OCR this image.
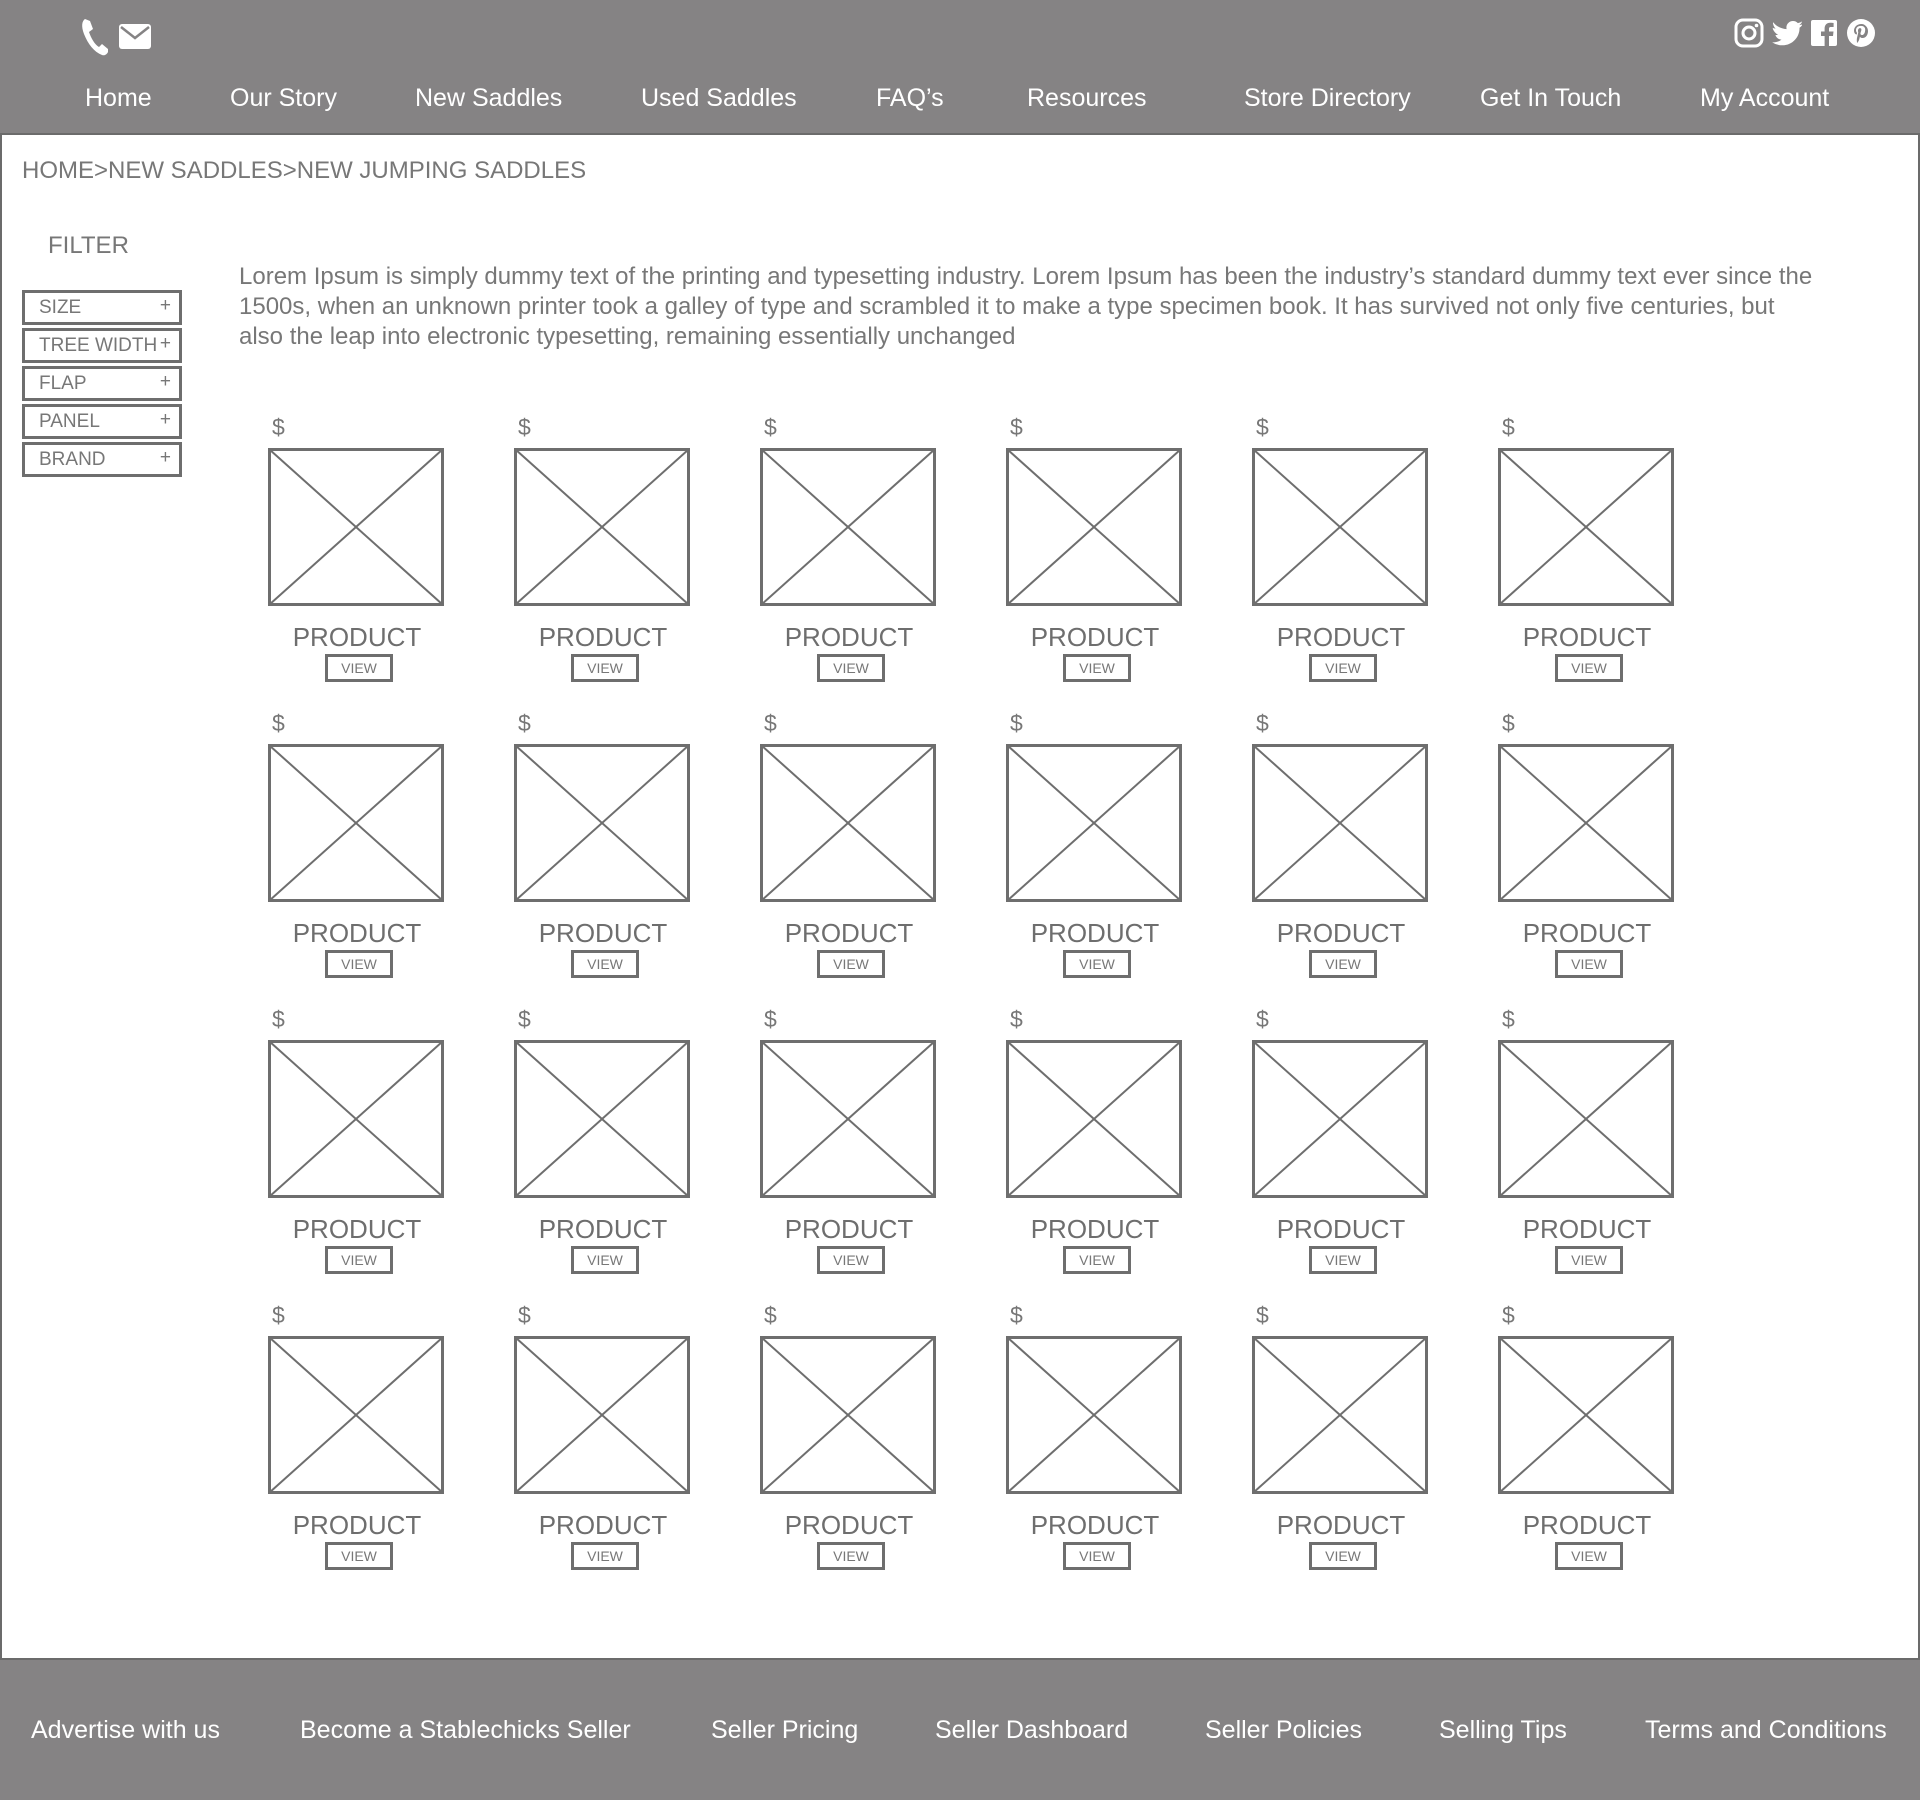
Home	Our Story	New Saddles	Used Saddles	FAQ’s	Resources	Store Directory	Get In Touch	My Account
HOME>NEW SADDLES>NEW JUMPING SADDLES
FILTER
SIZE	+
TREE WIDTH +
FLAP	+
PANEL	+
BRAND	+

Lorem Ipsum is simply dummy text of the printing and typesetting industry. Lorem Ipsum has been the industry’s standard dummy text ever since the 1500s, when an unknown printer took a galley of type and scrambled it to make a type specimen book. It has survived not only five centuries, but also the leap into electronic typesetting, remaining essentially unchanged

$
PRODUCT
VIEW
$
PRODUCT
VIEW
$
PRODUCT
VIEW
$
PRODUCT
VIEW
$
PRODUCT
VIEW
$
PRODUCT
VIEW
$
PRODUCT
VIEW
$
PRODUCT
VIEW
$
PRODUCT
VIEW
$
PRODUCT
VIEW
$
PRODUCT
VIEW
$
PRODUCT
VIEW
$
PRODUCT
VIEW
$
PRODUCT
VIEW
$
PRODUCT
VIEW
$
PRODUCT
VIEW
$
PRODUCT
VIEW
$
PRODUCT
VIEW
$
PRODUCT
VIEW
$
PRODUCT
VIEW
$
PRODUCT
VIEW
$
PRODUCT
VIEW
$
PRODUCT
VIEW
$
PRODUCT
VIEW
Advertise with us	Become a Stablechicks Seller	Seller Pricing	Seller Dashboard	Seller Policies	Selling Tips	Terms and Conditions
